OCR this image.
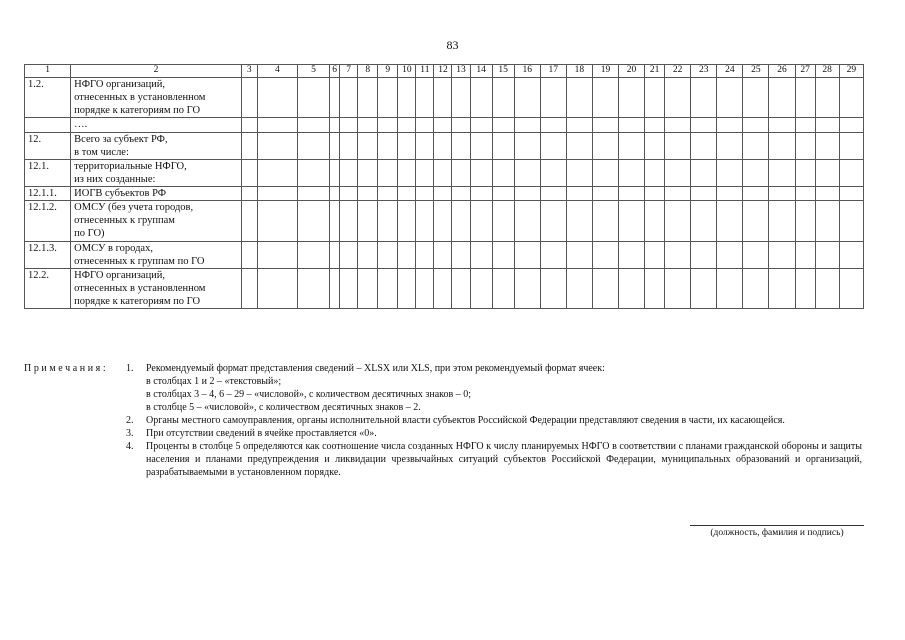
83
1	2	3	4	5	6	7	8	9	10	11	12	13	14	15	16	17	18	19	20	21	22	23	24	25	26	27	28	29
1.2.	НФГО организаций,
отнесенных в установленном
порядке к категориям по ГО																											
	….																											
12.	Всего за субъект РФ,
в том числе:																											
12.1.	территориальные НФГО,
из них созданные:																											
12.1.1.	ИОГВ субъектов РФ																											
12.1.2.	ОМСУ (без учета городов,
отнесенных к группам
по ГО)																											
12.1.3.	ОМСУ в городах,
отнесенных к группам по ГО																											
12.2.	НФГО организаций,
отнесенных в установленном
порядке к категориям по ГО																											
Примечания: 1. Рекомендуемый формат представления сведений – XLSX или XLS, при этом рекомендуемый формат ячеек:
в столбцах 1 и 2 – «текстовый»;
в столбцах 3 – 4, 6 – 29 – «числовой», с количеством десятичных знаков – 0;
в столбце 5 – «числовой», с количеством десятичных знаков – 2.
2. Органы местного самоуправления, органы исполнительной власти субъектов Российской Федерации представляют сведения в части, их касающейся.
3. При отсутствии сведений в ячейке проставляется «0».
4. Проценты в столбце 5 определяются как соотношение числа созданных НФГО к числу планируемых НФГО в соответствии с планами гражданской обороны и защиты населения и планами предупреждения и ликвидации чрезвычайных ситуаций субъектов Российской Федерации, муниципальных образований и организаций, разрабатываемыми в установленном порядке.
(должность, фамилия и подпись)
